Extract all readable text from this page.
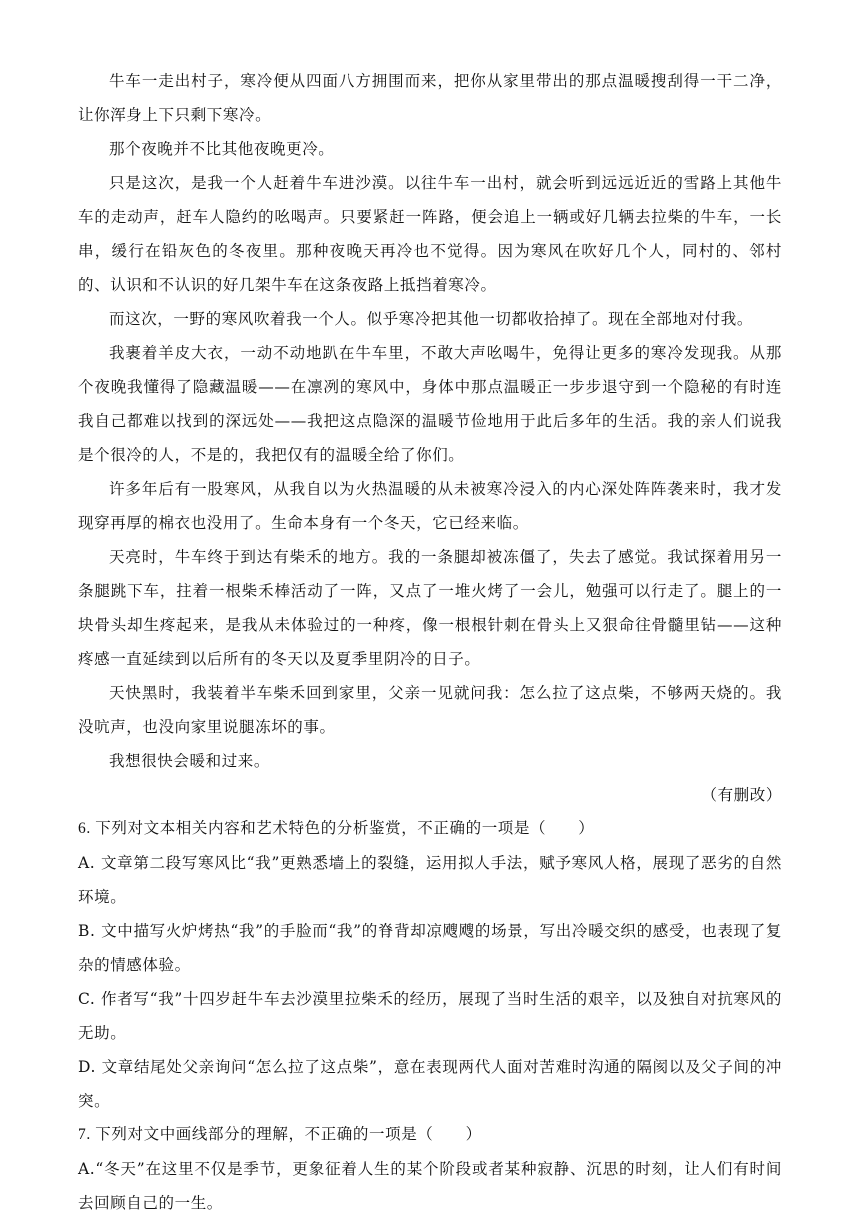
牛车一走出村子，寒冷便从四面八方拥围而来，把你从家里带出的那点温暖搜刮得一干二净，让你浑身上下只剩下寒冷。

那个夜晚并不比其他夜晚更冷。

只是这次，是我一个人赶着牛车进沙漠。以往牛车一出村，就会听到远远近近的雪路上其他牛车的走动声，赶车人隐约的吆喝声。只要紧赶一阵路，便会追上一辆或好几辆去拉柴的牛车，一长串，缓行在铅灰色的冬夜里。那种夜晚天再冷也不觉得。因为寒风在吹好几个人，同村的、邻村的、认识和不认识的好几架牛车在这条夜路上抵挡着寒冷。

而这次，一野的寒风吹着我一个人。似乎寒冷把其他一切都收拾掉了。现在全部地对付我。

我裹着羊皮大衣，一动不动地趴在牛车里，不敢大声吆喝牛，免得让更多的寒冷发现我。从那个夜晚我懂得了隐藏温暖——在凛冽的寒风中，身体中那点温暖正一步步退守到一个隐秘的有时连我自己都难以找到的深远处——我把这点隐深的温暖节俭地用于此后多年的生活。我的亲人们说我是个很冷的人，不是的，我把仅有的温暖全给了你们。

许多年后有一股寒风，从我自以为火热温暖的从未被寒冷浸入的内心深处阵阵袭来时，我才发现穿再厚的棉衣也没用了。生命本身有一个冬天，它已经来临。

天亮时，牛车终于到达有柴禾的地方。我的一条腿却被冻僵了，失去了感觉。我试探着用另一条腿跳下车，拄着一根柴禾棒活动了一阵，又点了一堆火烤了一会儿，勉强可以行走了。腿上的一块骨头却生疼起来，是我从未体验过的一种疼，像一根根针刺在骨头上又狠命往骨髓里钻——这种疼感一直延续到以后所有的冬天以及夏季里阴冷的日子。

天快黑时，我装着半车柴禾回到家里，父亲一见就问我：怎么拉了这点柴，不够两天烧的。我没吭声，也没向家里说腿冻坏的事。

我想很快会暖和过来。

（有删改）

6. 下列对文本相关内容和艺术特色的分析鉴赏，不正确的一项是（　　）

A. 文章第二段写寒风比“我”更熟悉墙上的裂缝，运用拟人手法，赋予寒风人格，展现了恶劣的自然环境。

B. 文中描写火炉烤热“我”的手脸而“我”的脊背却凉飕飕的场景，写出冷暖交织的感受，也表现了复杂的情感体验。

C. 作者写“我”十四岁赶牛车去沙漠里拉柴禾的经历，展现了当时生活的艰辛，以及独自对抗寒风的无助。

D. 文章结尾处父亲询问“怎么拉了这点柴”，意在表现两代人面对苦难时沟通的隔阂以及父子间的冲突。

7. 下列对文中画线部分的理解，不正确的一项是（　　）

A.“冬天”在这里不仅是季节，更象征着人生的某个阶段或者某种寂静、沉思的时刻，让人们有时间去回顾自己的一生。
